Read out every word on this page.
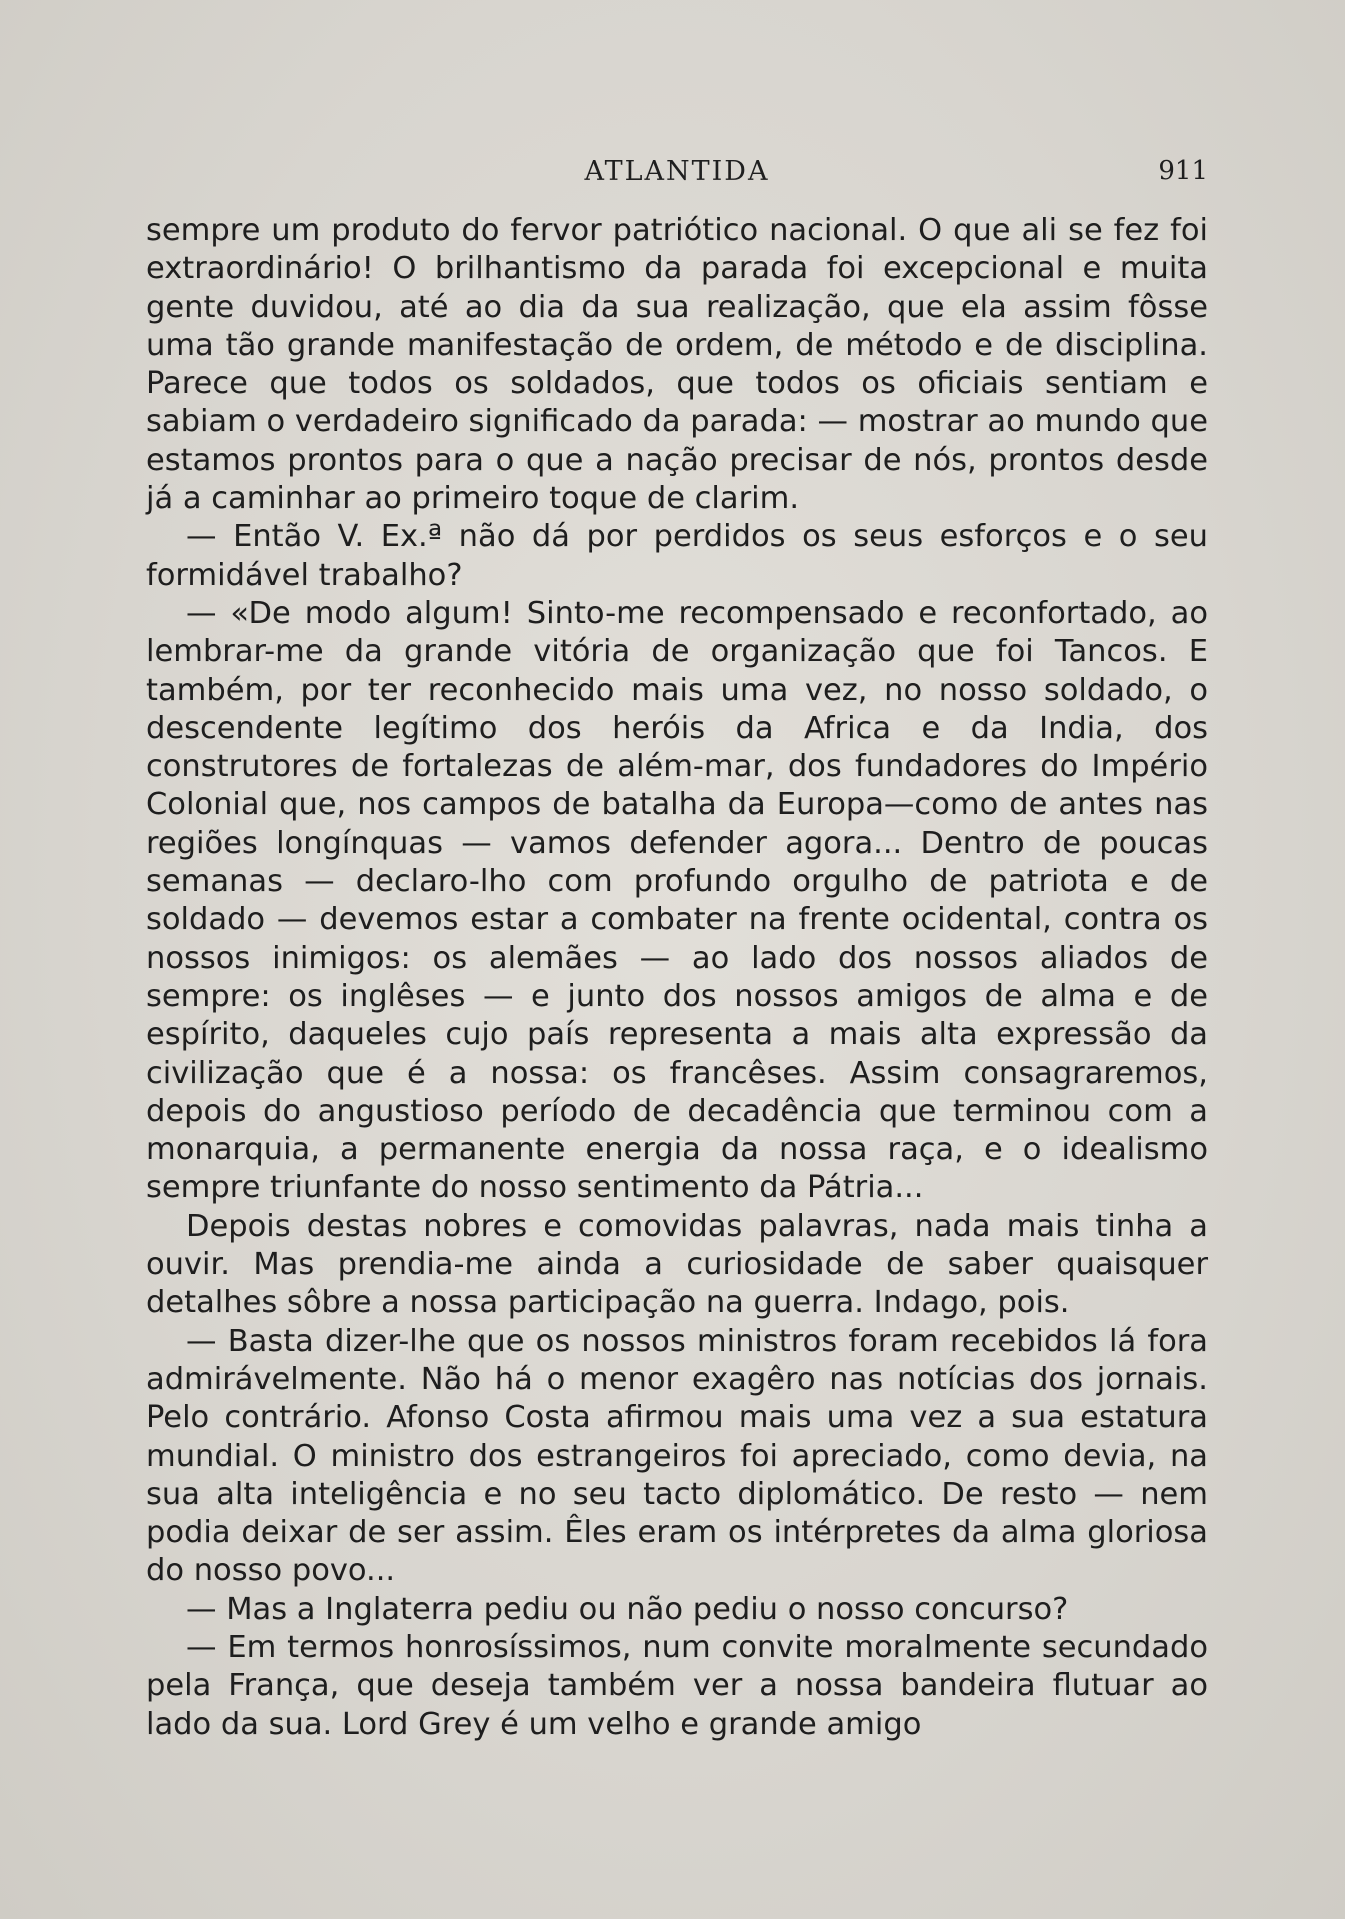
ATLANTIDA	911

sempre um produto do fervor patriótico nacional. O que ali se fez foi extraordinário! O brilhantismo da parada foi excepcional e muita gente duvidou, até ao dia da sua realização, que ela assim fôsse uma tão grande manifestação de ordem, de método e de disciplina. Parece que todos os soldados, que todos os oficiais sentiam e sabiam o verdadeiro significado da parada: — mostrar ao mundo que estamos prontos para o que a nação precisar de nós, prontos desde já a caminhar ao primeiro toque de clarim.

— Então V. Ex.ª não dá por perdidos os seus esforços e o seu formidável trabalho?

— «De modo algum! Sinto-me recompensado e reconfortado, ao lembrar-me da grande vitória de organização que foi Tancos. E também, por ter reconhecido mais uma vez, no nosso soldado, o descendente legítimo dos heróis da Africa e da India, dos construtores de fortalezas de além-mar, dos fundadores do Império Colonial que, nos campos de batalha da Europa—como de antes nas regiões longínquas — vamos defender agora... Dentro de poucas semanas — declaro-lho com profundo orgulho de patriota e de soldado — devemos estar a combater na frente ocidental, contra os nossos inimigos: os alemães — ao lado dos nossos aliados de sempre: os inglêses — e junto dos nossos amigos de alma e de espírito, daqueles cujo país representa a mais alta expressão da civilização que é a nossa: os francêses. Assim consagraremos, depois do angustioso período de decadência que terminou com a monarquia, a permanente energia da nossa raça, e o idealismo sempre triunfante do nosso sentimento da Pátria...

Depois destas nobres e comovidas palavras, nada mais tinha a ouvir. Mas prendia-me ainda a curiosidade de saber quaisquer detalhes sôbre a nossa participação na guerra. Indago, pois.

— Basta dizer-lhe que os nossos ministros foram recebidos lá fora admirávelmente. Não há o menor exagêro nas notícias dos jornais. Pelo contrário. Afonso Costa afirmou mais uma vez a sua estatura mundial. O ministro dos estrangeiros foi apreciado, como devia, na sua alta inteligência e no seu tacto diplomático. De resto — nem podia deixar de ser assim. Êles eram os intérpretes da alma gloriosa do nosso povo...

— Mas a Inglaterra pediu ou não pediu o nosso concurso?

— Em termos honrosíssimos, num convite moralmente secundado pela França, que deseja também ver a nossa bandeira flutuar ao lado da sua. Lord Grey é um velho e grande amigo
